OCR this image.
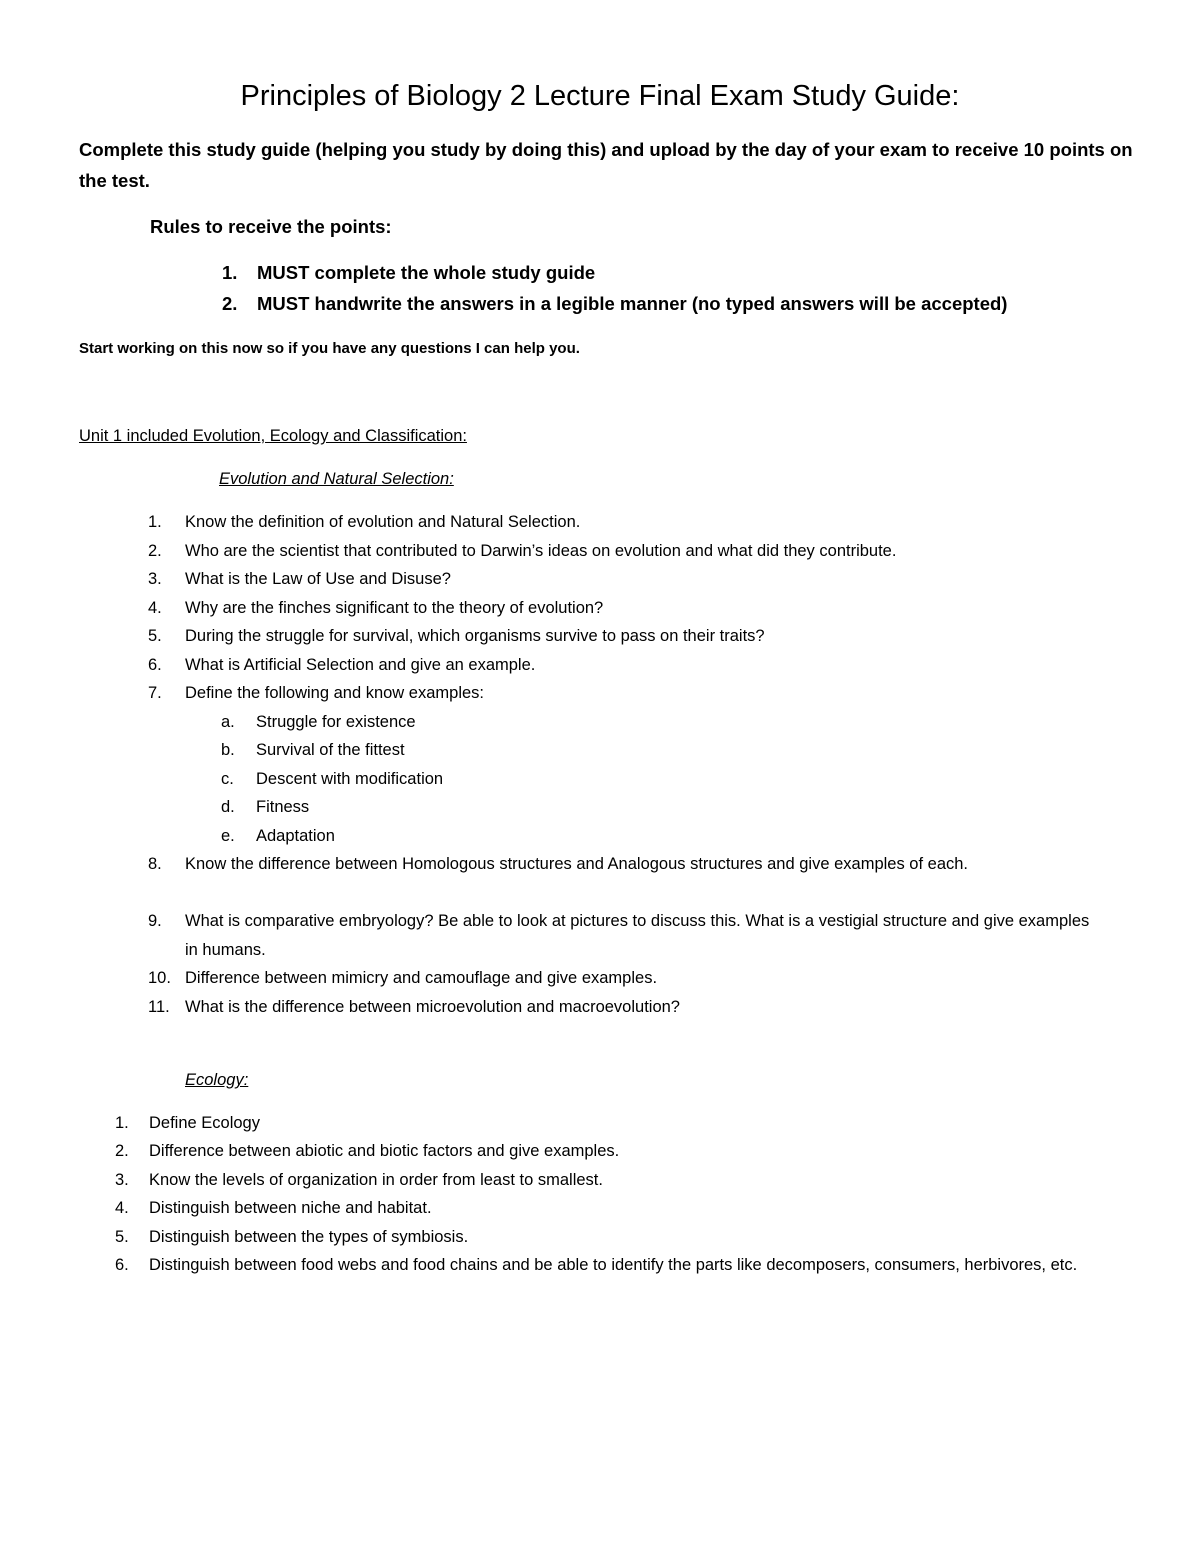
Principles of Biology 2 Lecture Final Exam Study Guide:
Complete this study guide (helping you study by doing this) and upload by the day of your exam to receive 10 points on the test.
Rules to receive the points:
1. MUST complete the whole study guide
2. MUST handwrite the answers in a legible manner (no typed answers will be accepted)
Start working on this now so if you have any questions I can help you.
Unit 1 included Evolution, Ecology and Classification:
Evolution and Natural Selection:
1. Know the definition of evolution and Natural Selection.
2. Who are the scientist that contributed to Darwin’s ideas on evolution and what did they contribute.
3. What is the Law of Use and Disuse?
4. Why are the finches significant to the theory of evolution?
5. During the struggle for survival, which organisms survive to pass on their traits?
6. What is Artificial Selection and give an example.
7. Define the following and know examples:
a. Struggle for existence
b. Survival of the fittest
c. Descent with modification
d. Fitness
e. Adaptation
8. Know the difference between Homologous structures and Analogous structures and give examples of each.
9. What is comparative embryology? Be able to look at pictures to discuss this. What is a vestigial structure and give examples in humans.
10. Difference between mimicry and camouflage and give examples.
11. What is the difference between microevolution and macroevolution?
Ecology:
1. Define Ecology
2. Difference between abiotic and biotic factors and give examples.
3. Know the levels of organization in order from least to smallest.
4. Distinguish between niche and habitat.
5. Distinguish between the types of symbiosis.
6. Distinguish between food webs and food chains and be able to identify the parts like decomposers, consumers, herbivores, etc.
